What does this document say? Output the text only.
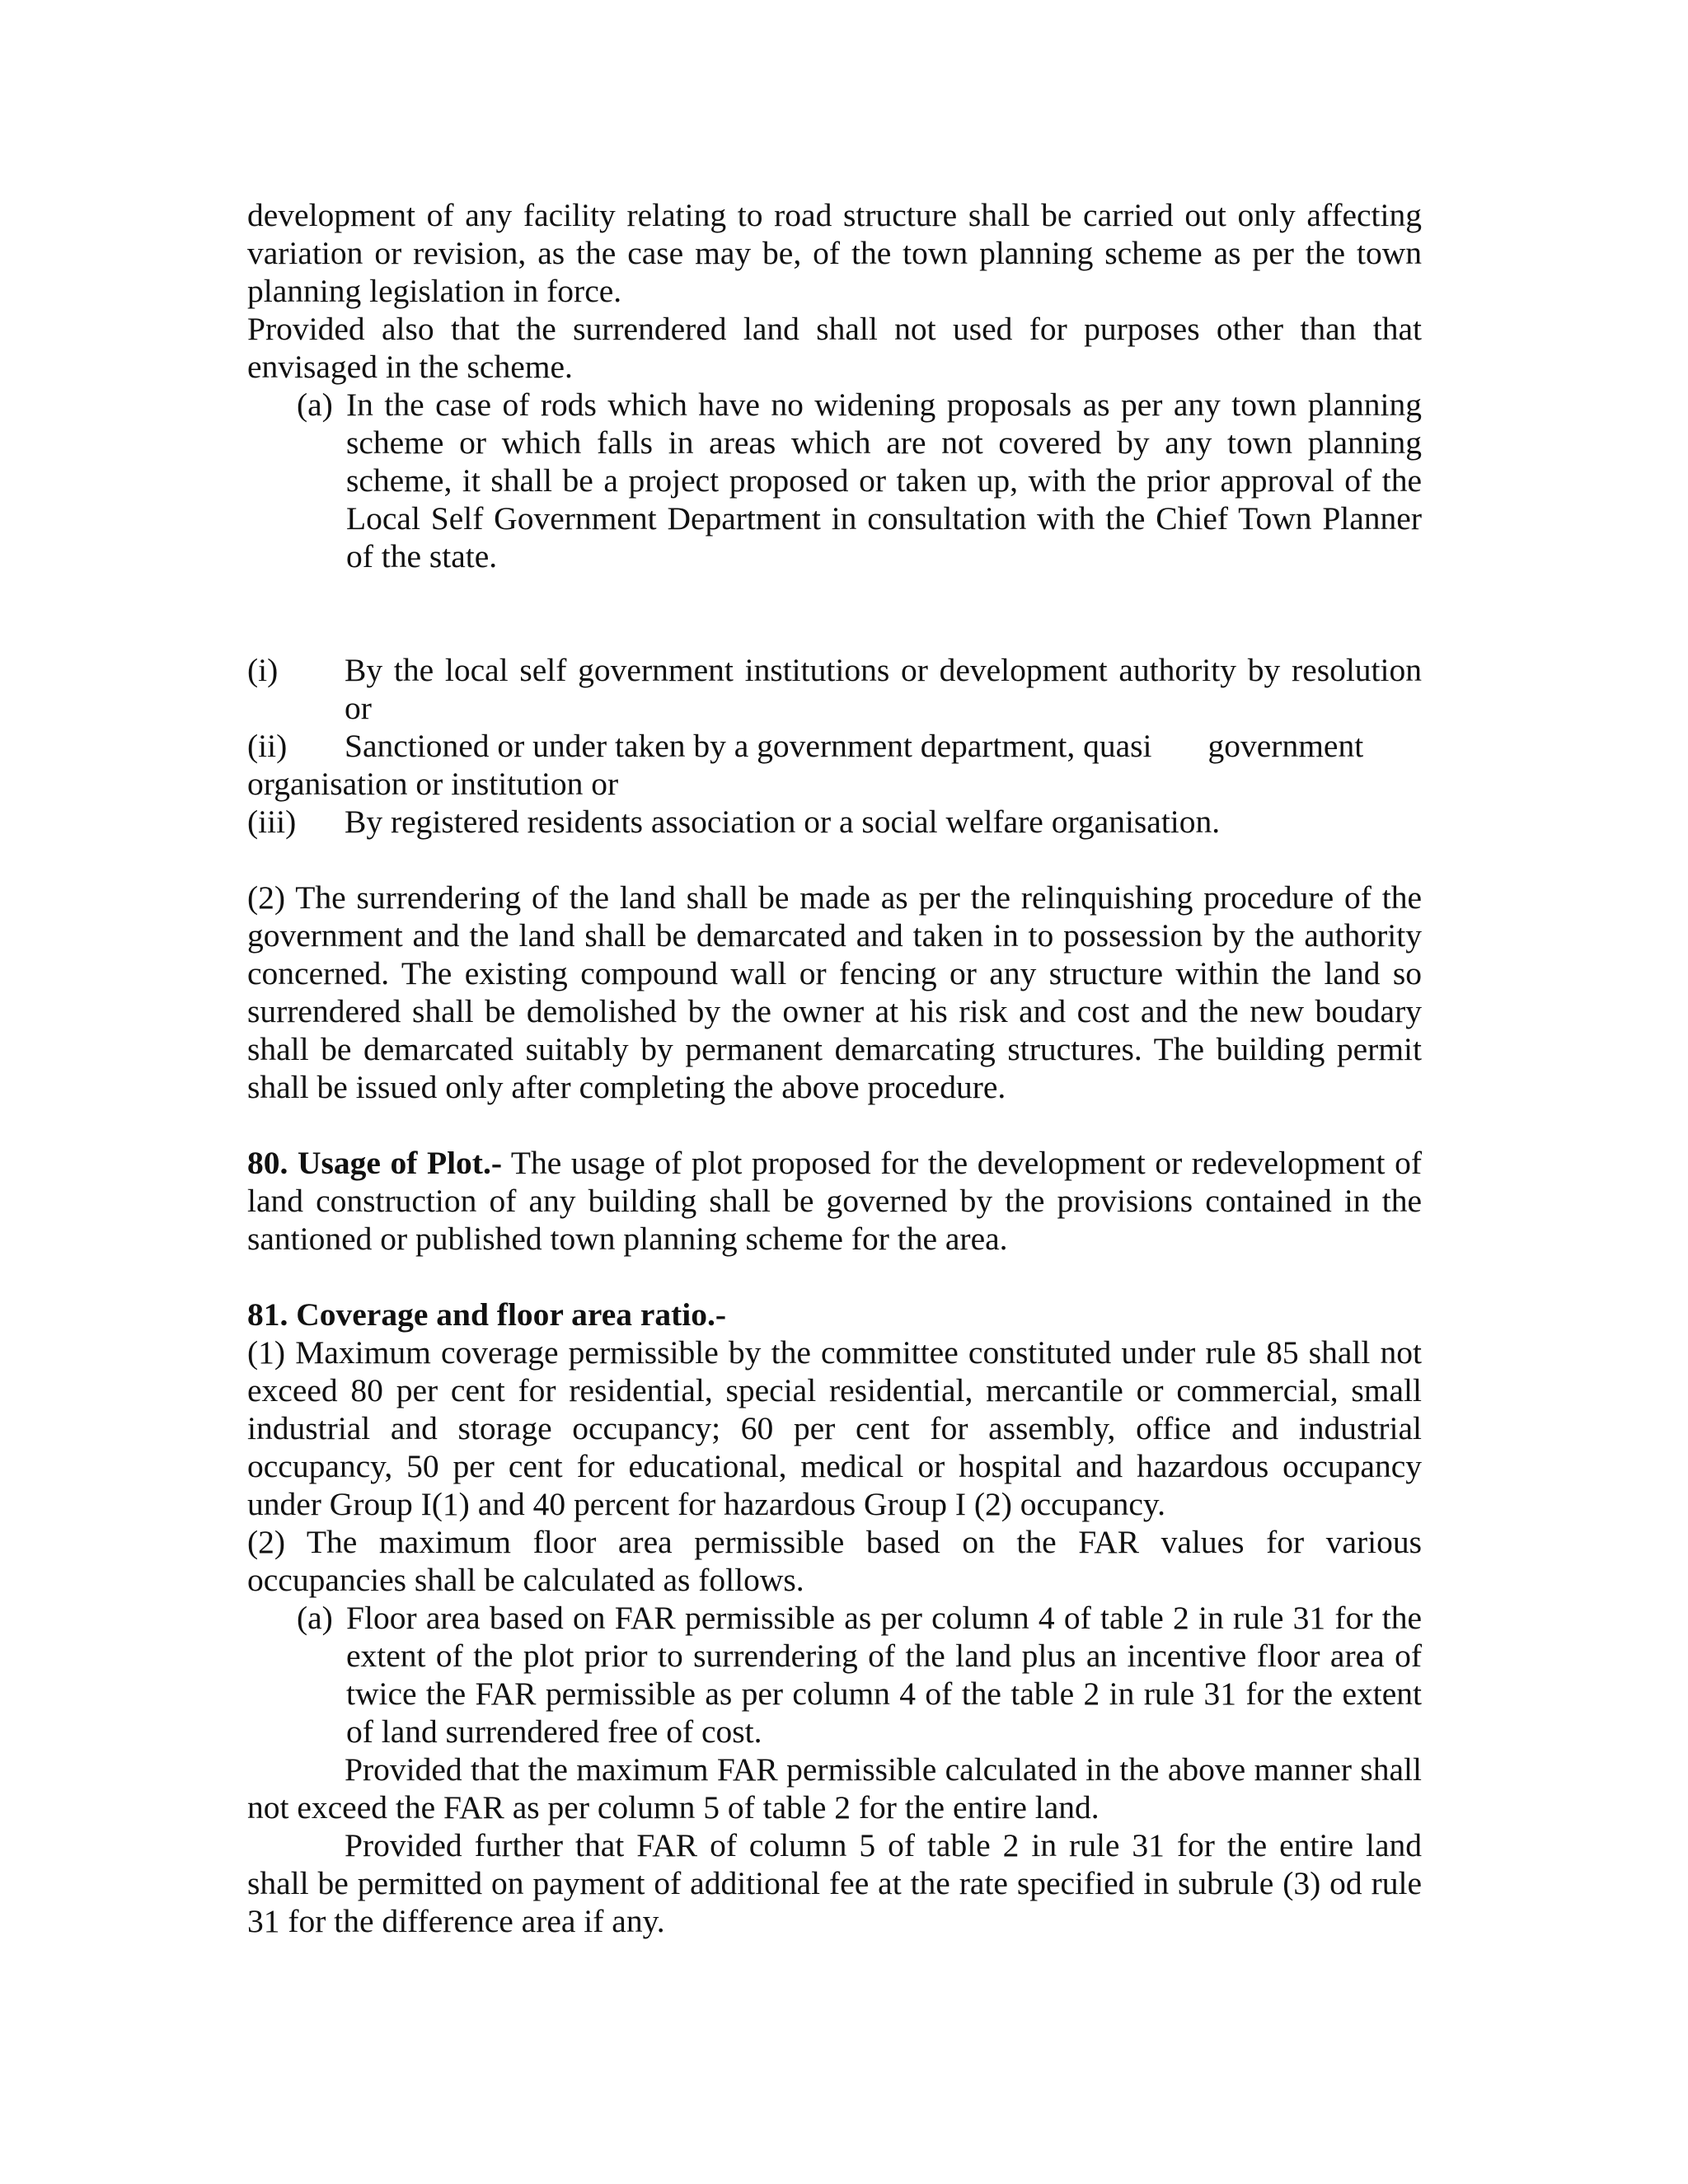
development of any facility relating to road structure shall be carried out only affecting variation or revision, as the case may be, of the town planning scheme as per the town planning legislation in force.

Provided also that the surrendered land shall not used for purposes other than that envisaged in the scheme.

(a) In the case of rods which have no widening proposals as per any town planning scheme or which falls in areas which are not covered by any town planning scheme, it shall be a project proposed or taken up, with the prior approval of the Local Self Government Department in consultation with the Chief Town Planner of the state.
(i) By the local self government institutions or development authority by resolution or
(ii) Sanctioned or under taken by a government department, quasi government organisation or institution or
(iii) By registered residents association or a social welfare organisation.

(2) The surrendering of the land shall be made as per the relinquishing procedure of the government and the land shall be demarcated and taken in to possession by the authority concerned. The existing compound wall or fencing or any structure within the land so surrendered shall be demolished by the owner at his risk and cost and the new boudary shall be demarcated suitably by permanent demarcating structures. The building permit shall be issued only after completing the above procedure.

80. Usage of Plot.- The usage of plot proposed for the development or redevelopment of land construction of any building shall be governed by the provisions contained in the santioned or published town planning scheme for the area.

81. Coverage and floor area ratio.-

(1) Maximum coverage permissible by the committee constituted under rule 85 shall not exceed 80 per cent for residential, special residential, mercantile or commercial, small industrial and storage occupancy; 60 per cent for assembly, office and industrial occupancy, 50 per cent for educational, medical or hospital and hazardous occupancy under Group I(1) and 40 percent for hazardous Group I (2) occupancy.

(2) The maximum floor area permissible based on the FAR values for various occupancies shall be calculated as follows.

(a) Floor area based on FAR permissible as per column 4 of table 2 in rule 31 for the extent of the plot prior to surrendering of the land plus an incentive floor area of twice the FAR permissible as per column 4 of the table 2 in rule 31 for the extent of land surrendered free of cost.

Provided that the maximum FAR permissible calculated in the above manner shall not exceed the FAR as per column 5 of table 2 for the entire land.

Provided further that FAR of column 5 of table 2 in rule 31 for the entire land shall be permitted on payment of additional fee at the rate specified in subrule (3) od rule 31 for the difference area if any.
